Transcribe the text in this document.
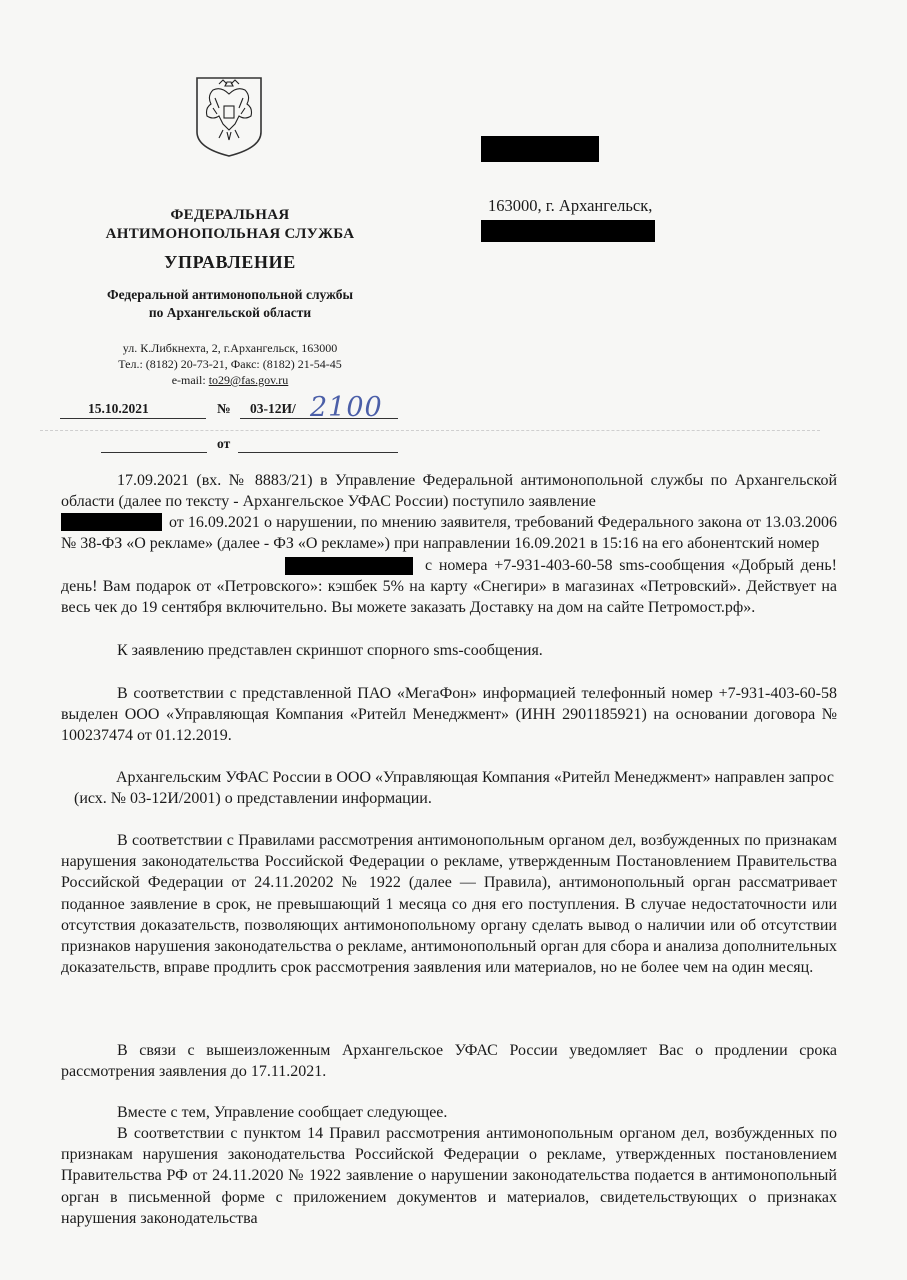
163000, г. Архангельск,
ФЕДЕРАЛЬНАЯ
АНТИМОНОПОЛЬНАЯ СЛУЖБА
УПРАВЛЕНИЕ
Федеральной антимонопольной службы
по Архангельской области
ул. К.Либкнехта, 2, г.Архангельск, 163000
Тел.: (8182) 20-73-21, Факс: (8182) 21-54-45
e-mail: to29@fas.gov.ru
15.10.2021	№ 03-12И/ 2100
от

17.09.2021 (вх. № 8883/21) в Управление Федеральной антимонопольной службы по Архангельской области (далее по тексту - Архангельское УФАС России) поступило заявление

от 16.09.2021 о нарушении, по мнению заявителя, требований Федерального закона от 13.03.2006 № 38-ФЗ «О рекламе» (далее - ФЗ «О рекламе») при направлении 16.09.2021 в 15:16 на его абонентский номер

с номера +7-931-403-60-58 sms-сообщения «Добрый день!

день! Вам подарок от «Петровского»: кэшбек 5% на карту «Снегири» в магазинах «Петровский». Действует на весь чек до 19 сентября включительно. Вы можете заказать Доставку на дом на сайте Петромост.рф».

К заявлению представлен скриншот спорного sms-сообщения.

В соответствии с представленной ПАО «МегаФон» информацией телефонный номер +7-931-403-60-58 выделен ООО «Управляющая Компания «Ритейл Менеджмент» (ИНН 2901185921) на основании договора № 100237474 от 01.12.2019.

Архангельским УФАС России в ООО «Управляющая Компания «Ритейл Менеджмент» направлен запрос (исх. № 03-12И/2001) о представлении информации.

В соответствии с Правилами рассмотрения антимонопольным органом дел, возбужденных по признакам нарушения законодательства Российской Федерации о рекламе, утвержденным Постановлением Правительства Российской Федерации от 24.11.20202 № 1922 (далее — Правила), антимонопольный орган рассматривает поданное заявление в срок, не превышающий 1 месяца со дня его поступления. В случае недостаточности или отсутствия доказательств, позволяющих антимонопольному органу сделать вывод о наличии или об отсутствии признаков нарушения законодательства о рекламе, антимонопольный орган для сбора и анализа дополнительных доказательств, вправе продлить срок рассмотрения заявления или материалов, но не более чем на один месяц.

В связи с вышеизложенным Архангельское УФАС России уведомляет Вас о продлении срока рассмотрения заявления до 17.11.2021.

Вместе с тем, Управление сообщает следующее.

В соответствии с пунктом 14 Правил рассмотрения антимонопольным органом дел, возбужденных по признакам нарушения законодательства Российской Федерации о рекламе, утвержденных постановлением Правительства РФ от 24.11.2020 № 1922 заявление о нарушении законодательства подается в антимонопольный орган в письменной форме с приложением документов и материалов, свидетельствующих о признаках нарушения законодательства
